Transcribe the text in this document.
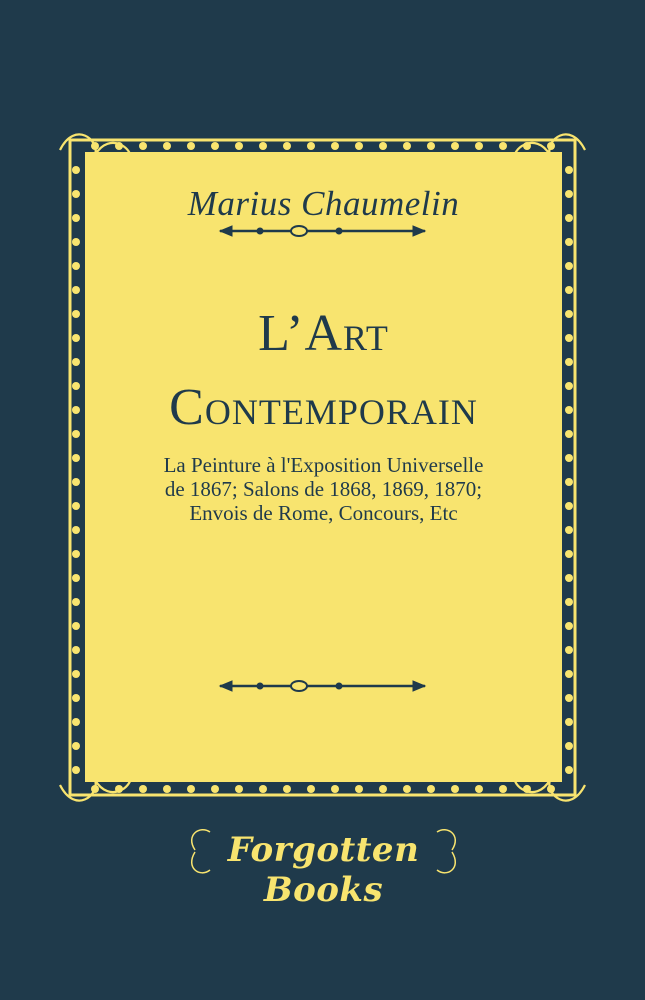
Marius Chaumelin
L’Art
Contemporain
La Peinture à l'Exposition Universelle
de 1867; Salons de 1868, 1869, 1870;
Envois de Rome, Concours, Etc
Forgotten Books
